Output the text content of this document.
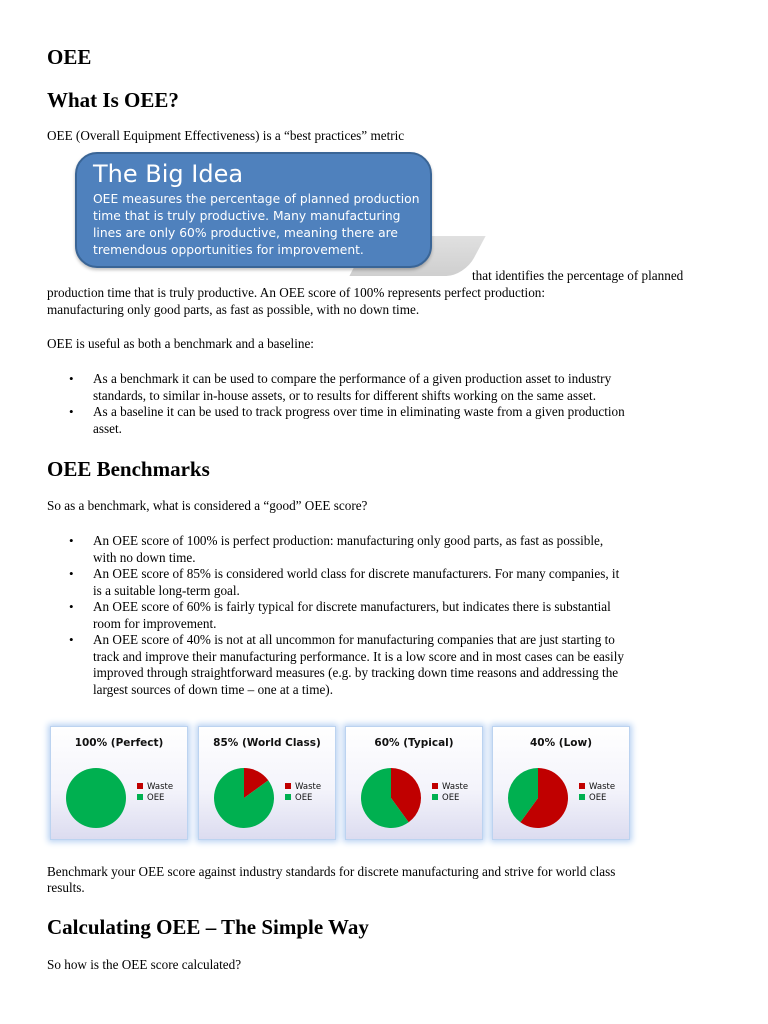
OEE
What Is OEE?

OEE (Overall Equipment Effectiveness) is a “best practices” metric

The Big Idea
OEE measures the percentage of planned production
time that is truly productive. Many manufacturing
lines are only 60% productive, meaning there are
tremendous opportunities for improvement.

that identifies the percentage of planned

production time that is truly productive. An OEE score of 100% represents perfect production:

manufacturing only good parts, as fast as possible, with no down time.

OEE is useful as both a benchmark and a baseline:

• As a benchmark it can be used to compare the performance of a given production asset to industry
standards, to similar in-house assets, or to results for different shifts working on the same asset.
• As a baseline it can be used to track progress over time in eliminating waste from a given production
asset.
OEE Benchmarks

So as a benchmark, what is considered a “good” OEE score?

• An OEE score of 100% is perfect production: manufacturing only good parts, as fast as possible,
with no down time.
• An OEE score of 85% is considered world class for discrete manufacturers. For many companies, it
is a suitable long-term goal.
• An OEE score of 60% is fairly typical for discrete manufacturers, but indicates there is substantial
room for improvement.
• An OEE score of 40% is not at all uncommon for manufacturing companies that are just starting to
track and improve their manufacturing performance. It is a low score and in most cases can be easily
improved through straightforward measures (e.g. by tracking down time reasons and addressing the
largest sources of down time – one at a time).
100% (Perfect)
Waste
OEE
85% (World Class)
Waste
OEE
60% (Typical)
Waste
OEE
40% (Low)
Waste
OEE

Benchmark your OEE score against industry standards for discrete manufacturing and strive for world class

results.

Calculating OEE – The Simple Way

So how is the OEE score calculated?
